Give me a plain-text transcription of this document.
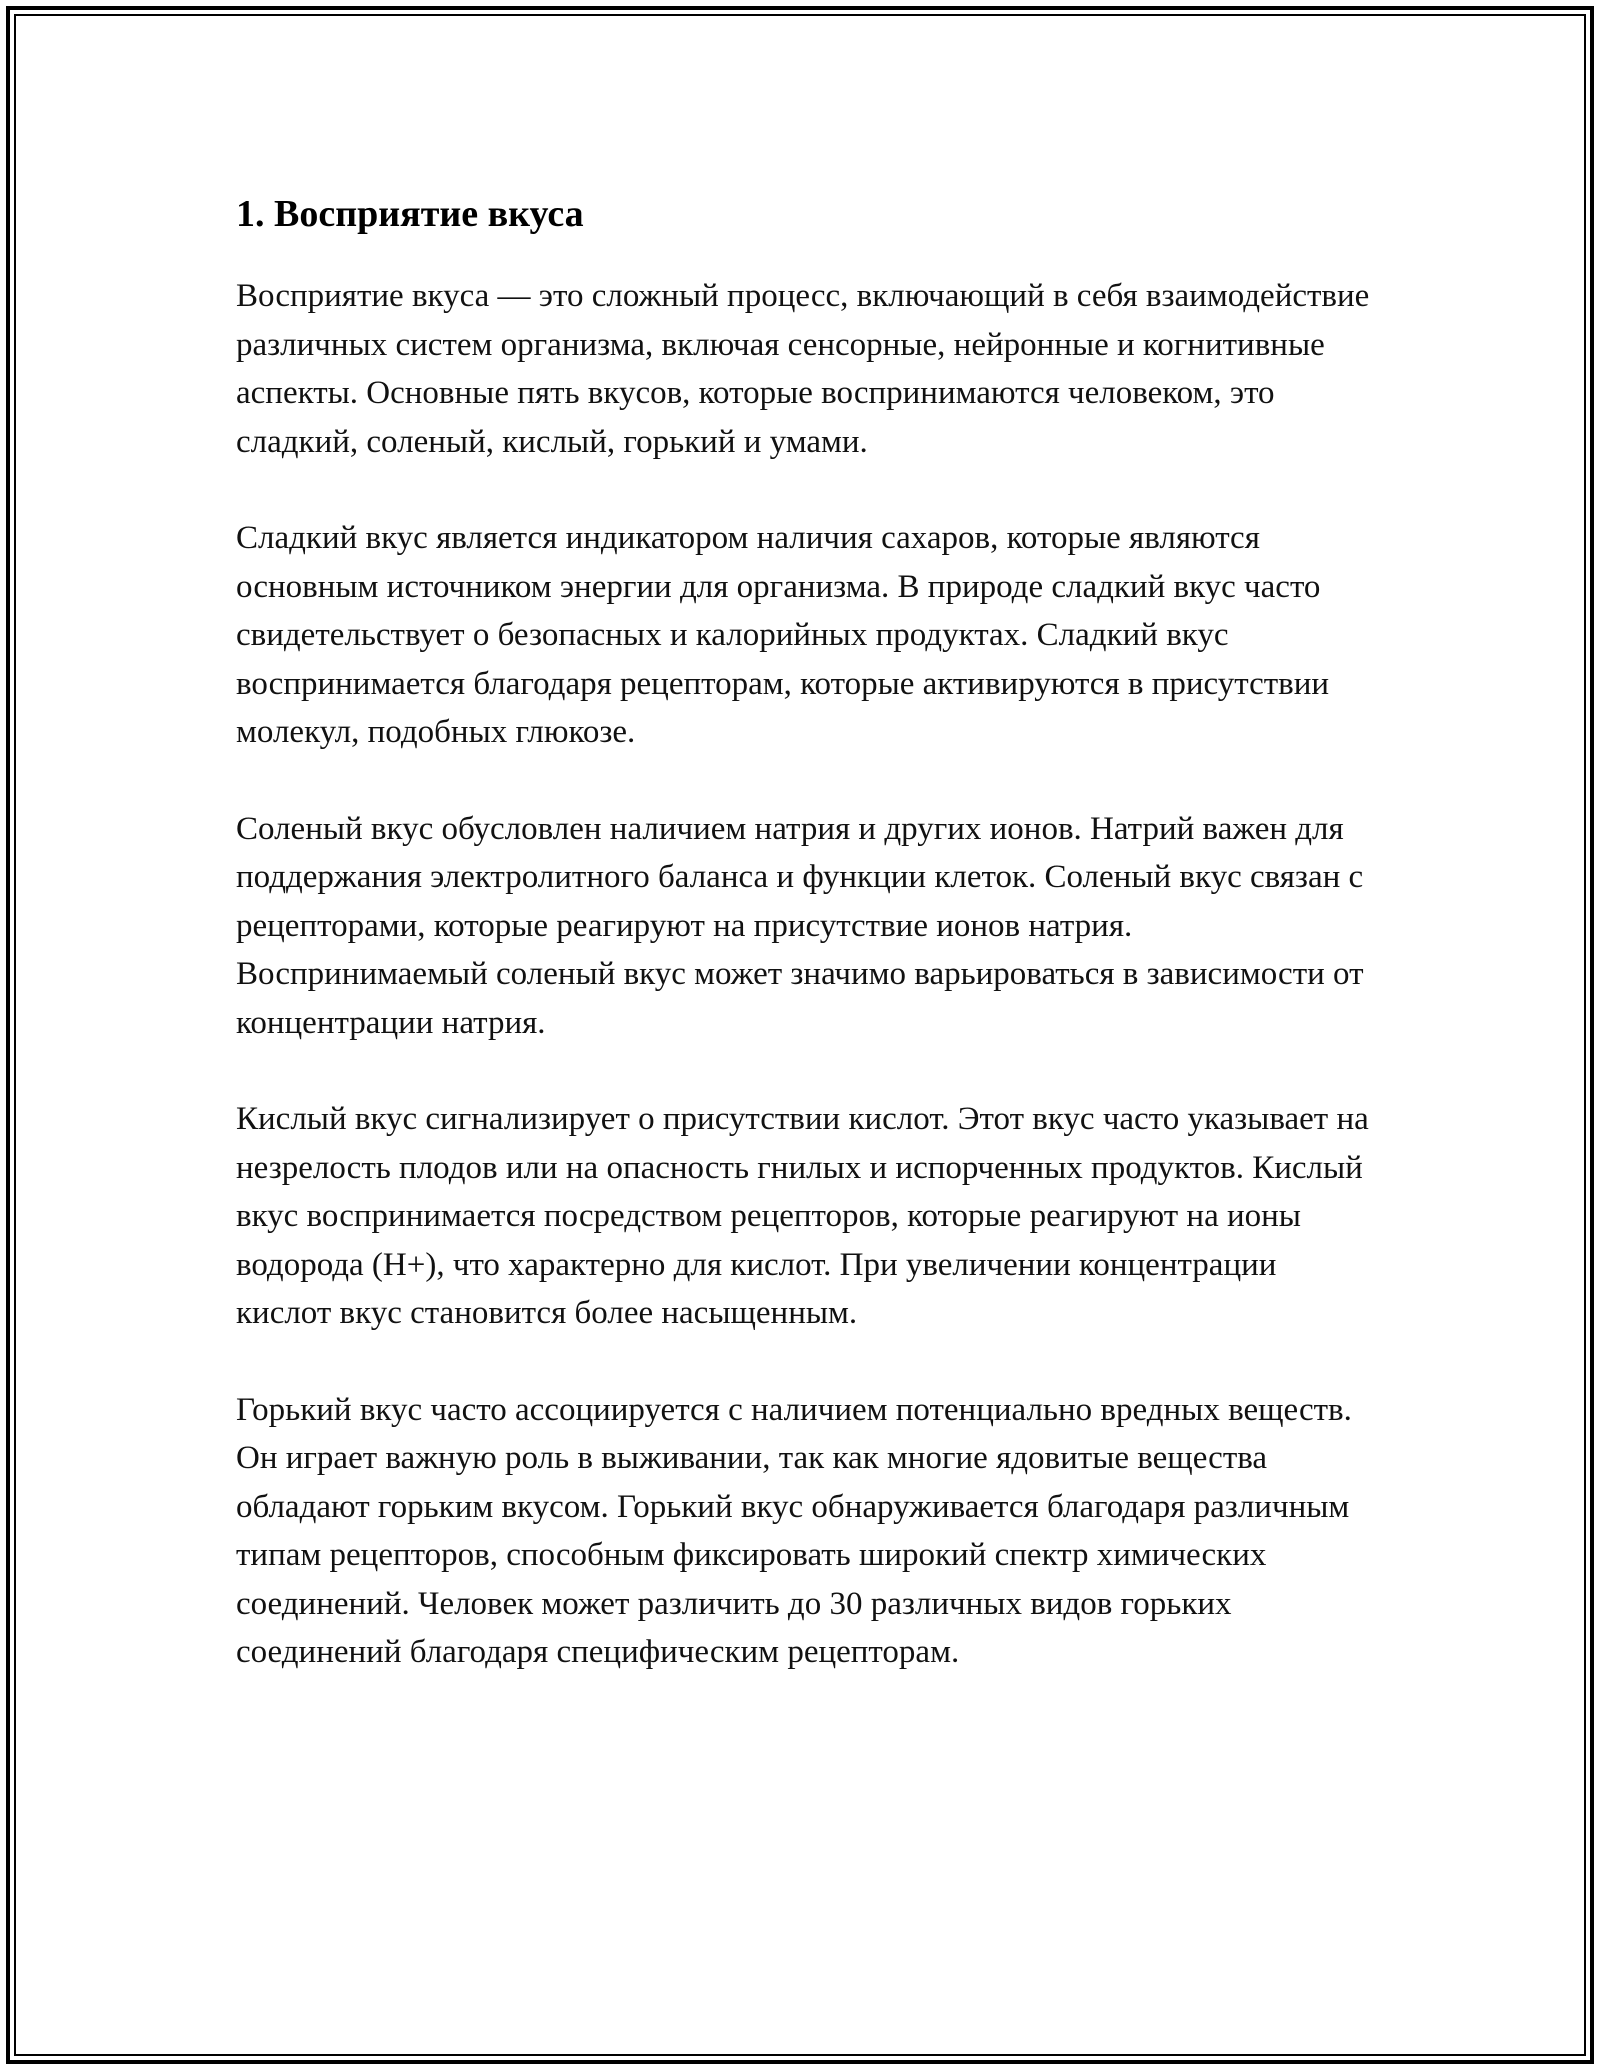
1. Восприятие вкуса

Восприятие вкуса — это сложный процесс, включающий в себя взаимодействие различных систем организма, включая сенсорные, нейронные и когнитивные аспекты. Основные пять вкусов, которые воспринимаются человеком, это сладкий, соленый, кислый, горький и умами.

Сладкий вкус является индикатором наличия сахаров, которые являются основным источником энергии для организма. В природе сладкий вкус часто свидетельствует о безопасных и калорийных продуктах. Сладкий вкус воспринимается благодаря рецепторам, которые активируются в присутствии молекул, подобных глюкозе.

Соленый вкус обусловлен наличием натрия и других ионов. Натрий важен для поддержания электролитного баланса и функции клеток. Соленый вкус связан с рецепторами, которые реагируют на присутствие ионов натрия. Воспринимаемый соленый вкус может значимо варьироваться в зависимости от концентрации натрия.

Кислый вкус сигнализирует о присутствии кислот. Этот вкус часто указывает на незрелость плодов или на опасность гнилых и испорченных продуктов. Кислый вкус воспринимается посредством рецепторов, которые реагируют на ионы водорода (H+), что характерно для кислот. При увеличении концентрации кислот вкус становится более насыщенным.

Горький вкус часто ассоциируется с наличием потенциально вредных веществ. Он играет важную роль в выживании, так как многие ядовитые вещества обладают горьким вкусом. Горький вкус обнаруживается благодаря различным типам рецепторов, способным фиксировать широкий спектр химических соединений. Человек может различить до 30 различных видов горьких соединений благодаря специфическим рецепторам.
